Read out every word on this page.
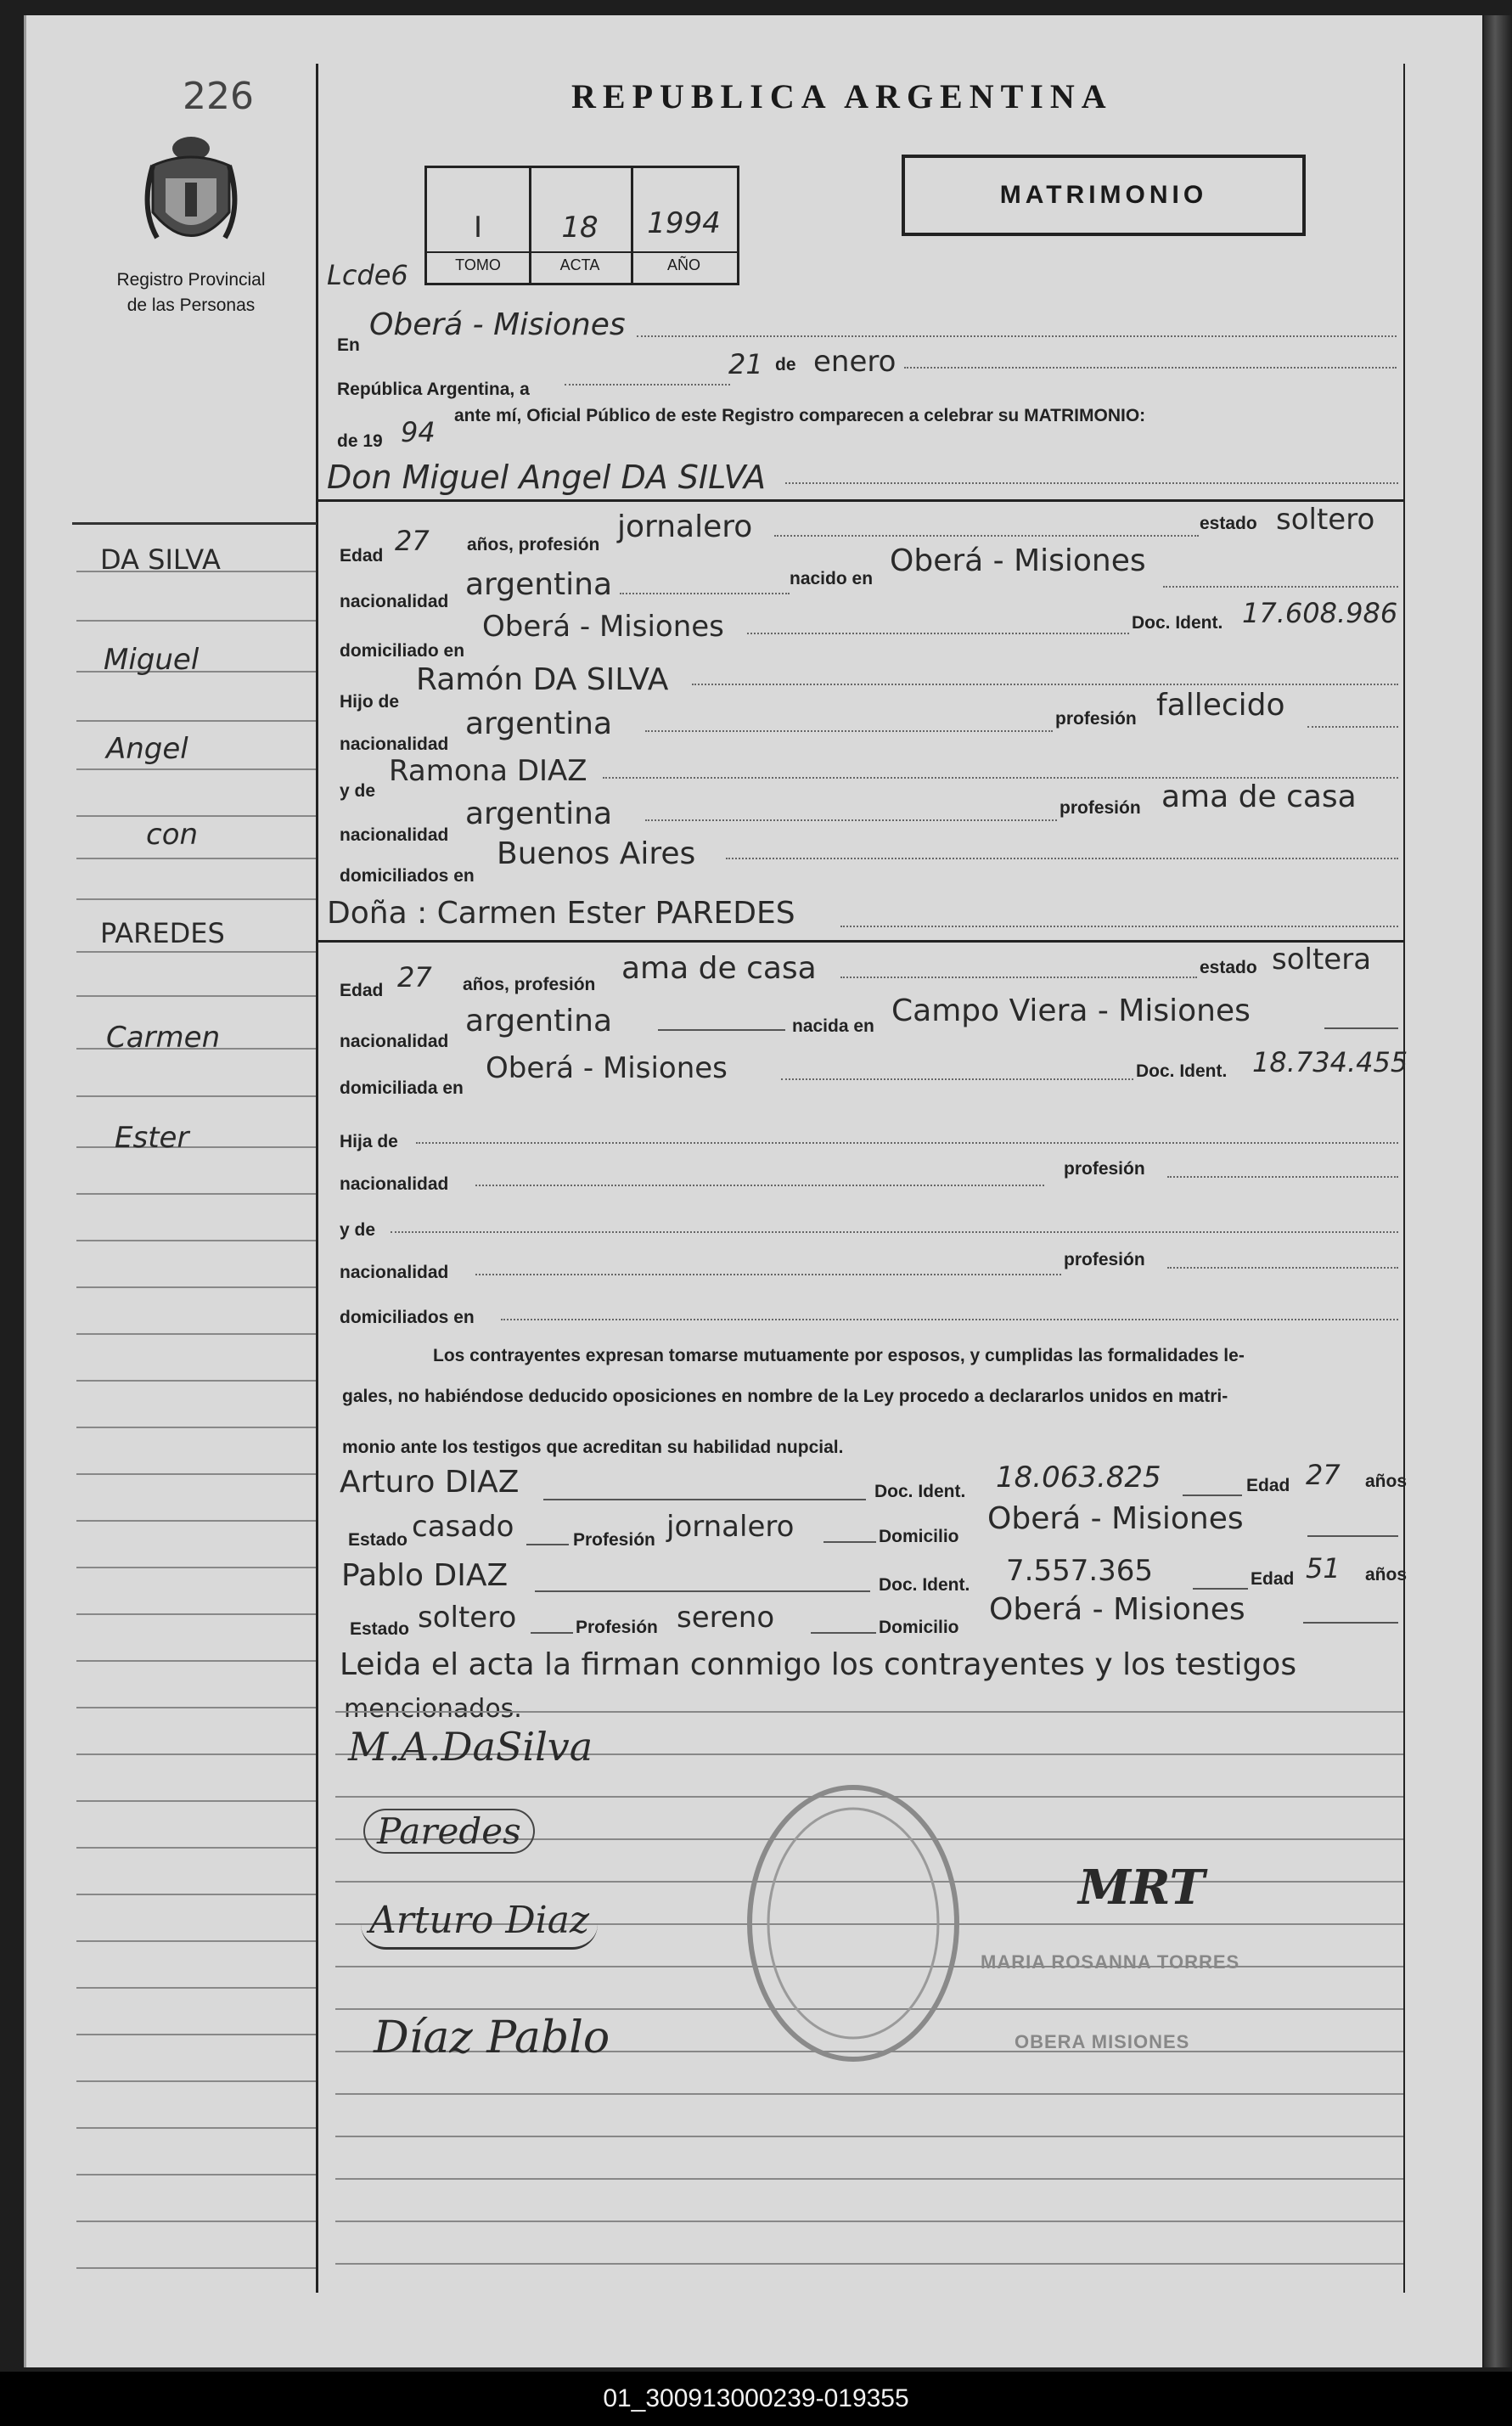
226
Registro Provincial
de las Personas
DA SILVA
Miguel
Angel
con
PAREDES
Carmen
Ester
REPUBLICA ARGENTINA
MATRIMONIO
I	18	1994
TOMO	ACTA	AÑO
Lcde6
En
Oberá - Misiones
República Argentina, a
21 de enero
de 19 94
ante mí, Oficial Público de este Registro comparecen a celebrar su MATRIMONIO:
Don Miguel Angel DA SILVA
Edad 27 años, profesión
jornalero	estado soltero
nacionalidad argentina	nacido en
Oberá - Misiones
domiciliado en
Oberá - Misiones	Doc. Ident. 17.608.986
Hijo de
Ramón DA SILVA
nacionalidad
argentina	profesión fallecido
y de
Ramona DIAZ
nacionalidad
argentina	profesión ama de casa
domiciliados en
Buenos Aires
Doña : Carmen Ester PAREDES
Edad 27 años, profesión ama de casa	estado soltera
nacionalidad
argentina	nacida en Campo Viera - Misiones
domiciliada en
Oberá - Misiones	Doc. Ident. 18.734.455
Hija de
nacionalidad
profesión
y de
nacionalidad
profesión
domiciliados en
Los contrayentes expresan tomarse mutuamente por esposos, y cumplidas las formalidades le-
gales, no habiéndose deducido oposiciones en nombre de la Ley procedo a declararlos unidos en matri-
monio ante los testigos que acreditan su habilidad nupcial.
Arturo DIAZ	Doc. Ident. 18.063.825	Edad 27 años
Estado casado	Profesión jornalero	Domicilio
Oberá - Misiones
Pablo DIAZ	Doc. Ident. 7.557.365	Edad 51 años
Estado soltero	Profesión sereno	Domicilio
Oberá - Misiones
Leida el acta la firman conmigo los contrayentes y los testigos
mencionados.
M.A.DaSilva
Paredes
Arturo Diaz
Díaz Pablo
MRT
MARIA ROSANNA TORRES
OBERA MISIONES
01_300913000239-019355
